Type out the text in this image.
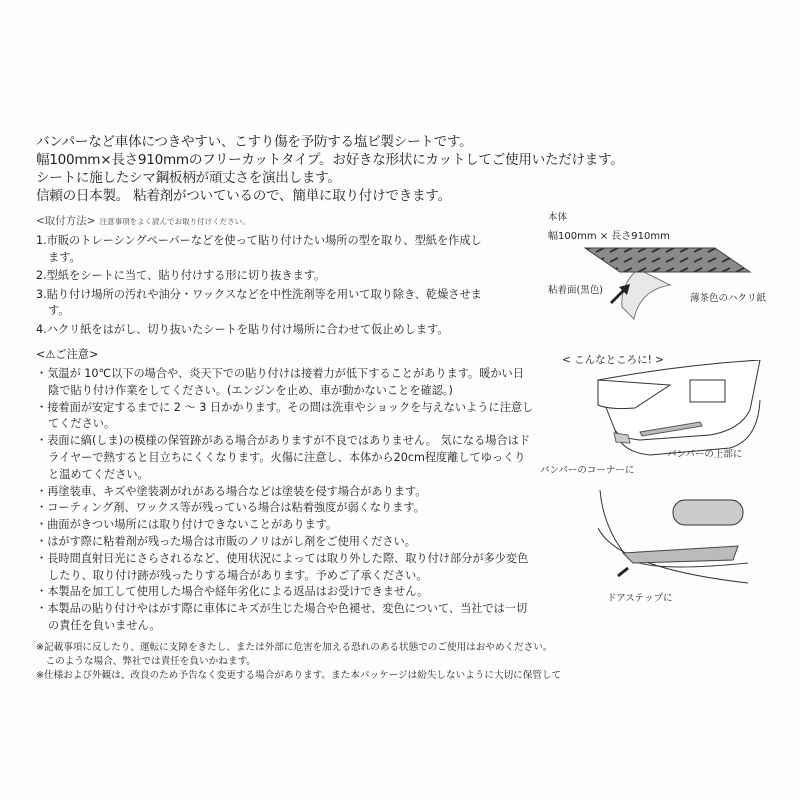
バンパーなど車体につきやすい、こすり傷を予防する塩ビ製シートです。
幅100mm×長さ910mmのフリーカットタイプ。お好きな形状にカットしてご使用いただけます。
シートに施したシマ鋼板柄が頑丈さを演出します。
信頼の日本製。 粘着剤がついているので、簡単に取り付けできます。
<取付方法> 注意事項をよく読んでお取り付けください。
1.市販のトレーシングペーパーなどを使って貼り付けたい場所の型を取り、型紙を作成します。
2.型紙をシートに当て、貼り付けする形に切り抜きます。
3.貼り付け場所の汚れや油分・ワックスなどを中性洗剤等を用いて取り除き、乾燥させます。
4.ハクリ紙をはがし、切り抜いたシートを貼り付け場所に合わせて仮止めします。
<⚠ご注意>
・気温が 10℃以下の場合や、炎天下での貼り付けは接着力が低下することがあります。暖かい日陰で貼り付け作業をしてください。(エンジンを止め、車が動かないことを確認。)
・接着面が安定するまでに 2 ～ 3 日かかります。その間は洗車やショックを与えないように注意してください。
・表面に縞(しま)の模様の保管跡がある場合がありますが不良ではありません。 気になる場合はドライヤーで熱すると目立ちにくくなります。火傷に注意し、本体から20cm程度離してゆっくりと温めてください。
・再塗装車、キズや塗装剥がれがある場合などは塗装を侵す場合があります。
・コーティング剤、ワックス等が残っている場合は粘着強度が弱くなります。
・曲面がきつい場所には取り付けできないことがあります。
・はがす際に粘着剤が残った場合は市販のノリはがし剤をご使用ください。
・長時間直射日光にさらされるなど、使用状況によっては取り外した際、取り付け部分が多少変色したり、取り付け跡が残ったりする場合があります。予めご了承ください。
・本製品を加工して使用した場合や経年劣化による返品はお受けできません。
・本製品の貼り付けやはがす際に車体にキズが生じた場合や色褪せ、変色について、当社では一切の責任を負いません。
※記載事項に反したり、運転に支障をきたし、または外部に危害を加える恐れのある状態でのご使用はおやめください。
　このような場合、弊社では責任を負いかねます。
※仕様および外観は、改良のため予告なく変更する場合があります。また本パッケージは紛失しないように大切に保管して
本体
幅100mm × 長さ910mm
粘着面(黒色)
薄茶色のハクリ紙
< こんなところに! >
バンパーの上部に
バンパーのコーナーに
ドアステップに
